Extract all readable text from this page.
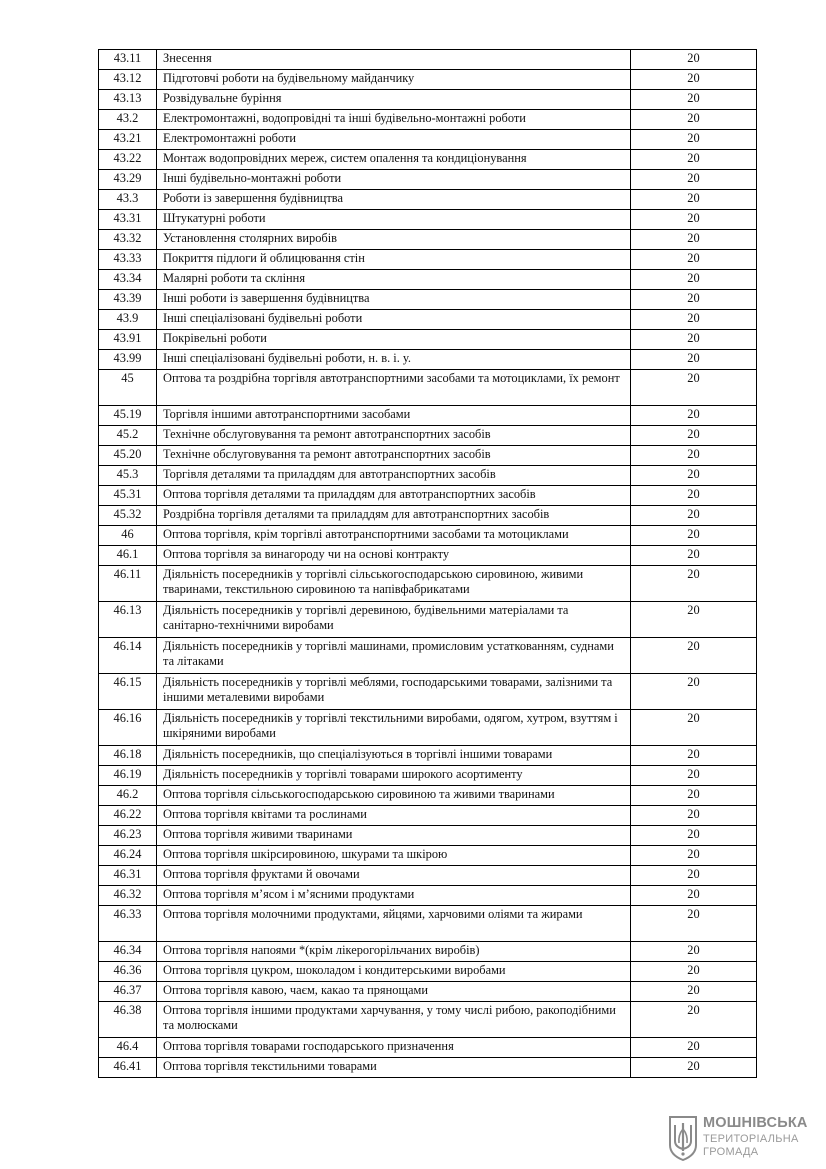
43.11	Знесення	20
43.12	Підготовчі роботи на будівельному майданчику	20
43.13	Розвідувальне буріння	20
43.2	Електромонтажні, водопровідні та інші будівельно-монтажні роботи	20
43.21	Електромонтажні роботи	20
43.22	Монтаж водопровідних мереж, систем опалення та кондиціонування	20
43.29	Інші будівельно-монтажні роботи	20
43.3	Роботи із завершення будівництва	20
43.31	Штукатурні роботи	20
43.32	Установлення столярних виробів	20
43.33	Покриття підлоги й облицювання стін	20
43.34	Малярні роботи та скління	20
43.39	Інші роботи із завершення будівництва	20
43.9	Інші спеціалізовані будівельні роботи	20
43.91	Покрівельні роботи	20
43.99	Інші спеціалізовані будівельні роботи, н. в. і. у.	20
45	Оптова та роздрібна торгівля автотранспортними засобами та мотоциклами, їх ремонт	20
45.19	Торгівля іншими автотранспортними засобами	20
45.2	Технічне обслуговування та ремонт автотранспортних засобів	20
45.20	Технічне обслуговування та ремонт автотранспортних засобів	20
45.3	Торгівля деталями та приладдям для автотранспортних засобів	20
45.31	Оптова торгівля деталями та приладдям для автотранспортних засобів	20
45.32	Роздрібна торгівля деталями та приладдям для автотранспортних засобів	20
46	Оптова торгівля, крім торгівлі автотранспортними засобами та мотоциклами	20
46.1	Оптова торгівля за винагороду чи на основі контракту	20
46.11	Діяльність посередників у торгівлі сільськогосподарською сировиною, живими тваринами, текстильною сировиною та напівфабрикатами	20
46.13	Діяльність посередників у торгівлі деревиною, будівельними матеріалами та санітарно-технічними виробами	20
46.14	Діяльність посередників у торгівлі машинами, промисловим устаткованням, суднами та літаками	20
46.15	Діяльність посередників у торгівлі меблями, господарськими товарами, залізними та іншими металевими виробами	20
46.16	Діяльність посередників у торгівлі текстильними виробами, одягом, хутром, взуттям і шкіряними виробами	20
46.18	Діяльність посередників, що спеціалізуються в торгівлі іншими товарами	20
46.19	Діяльність посередників у торгівлі товарами широкого асортименту	20
46.2	Оптова торгівля сільськогосподарською сировиною та живими тваринами	20
46.22	Оптова торгівля квітами та рослинами	20
46.23	Оптова торгівля живими тваринами	20
46.24	Оптова торгівля шкірсировиною, шкурами та шкірою	20
46.31	Оптова торгівля фруктами й овочами	20
46.32	Оптова торгівля м’ясом і м’ясними продуктами	20
46.33	Оптова торгівля молочними продуктами, яйцями, харчовими оліями та жирами	20
46.34	Оптова торгівля напоями *(крім лікерогорільчаних виробів)	20
46.36	Оптова торгівля цукром, шоколадом і кондитерськими виробами	20
46.37	Оптова торгівля кавою, чаєм, какао та прянощами	20
46.38	Оптова торгівля іншими продуктами харчування, у тому числі рибою, ракоподібними та молюсками	20
46.4	Оптова торгівля товарами господарського призначення	20
46.41	Оптова торгівля текстильними товарами	20
МОШНІВСЬКА
ТЕРИТОРІАЛЬНА
ГРОМАДА
